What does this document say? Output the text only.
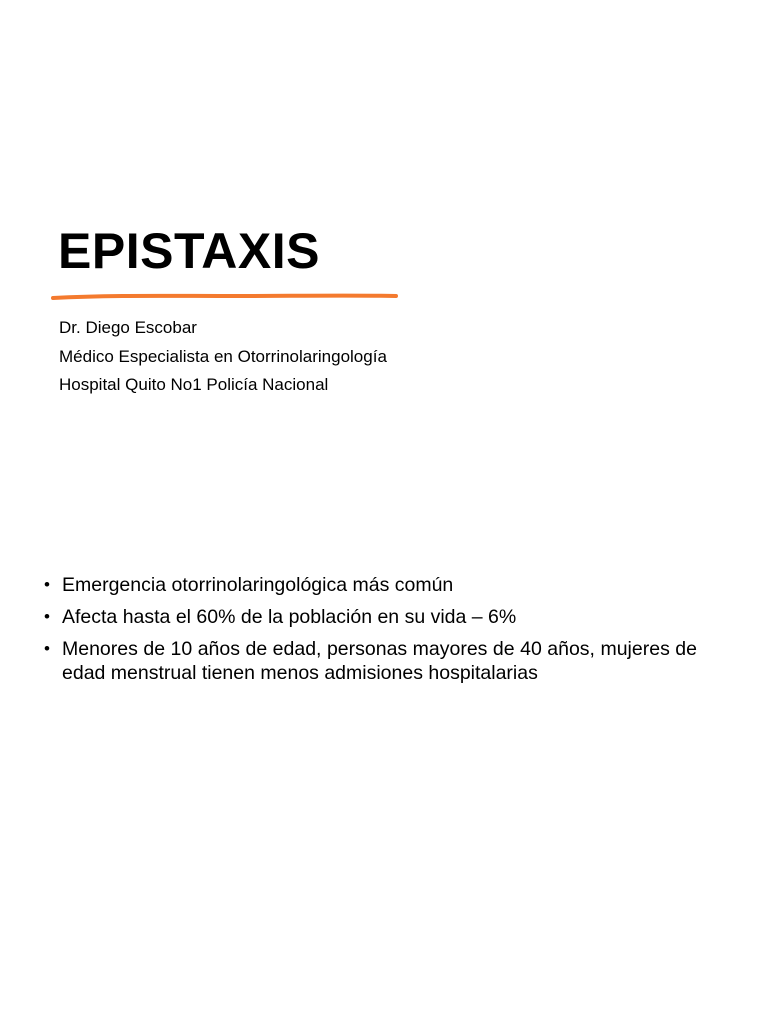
EPISTAXIS
Dr. Diego Escobar
Médico Especialista en Otorrinolaringología
Hospital Quito No1 Policía Nacional
• Emergencia otorrinolaringológica más común
• Afecta hasta el 60% de la población en su vida – 6%
• Menores de 10 años de edad, personas mayores de 40 años, mujeres de edad menstrual tienen menos admisiones hospitalarias
